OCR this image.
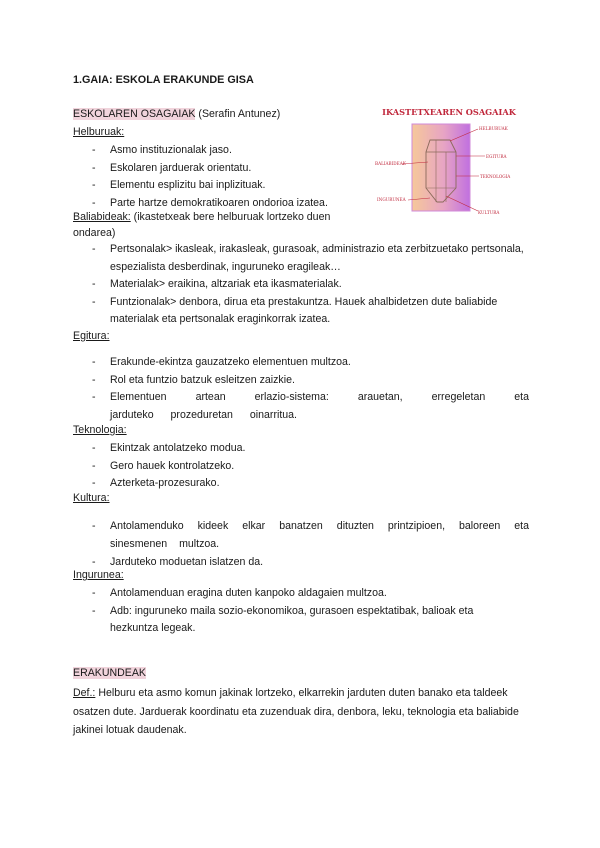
1.GAIA: ESKOLA ERAKUNDE GISA
ESKOLAREN OSAGAIAK (Serafin Antunez)
Helburuak:
- Asmo instituzionalak jaso.
- Eskolaren jarduerak orientatu.
- Elementu esplizitu bai inplizituak.
- Parte hartze demokratikoaren ondorioa izatea.
Baliabideak: (ikastetxeak bere helburuak lortzeko duen ondarea)
- Pertsonalak> ikasleak, irakasleak, gurasoak, administrazio eta zerbitzuetako pertsonala, espezialista desberdinak, inguruneko eragileak…
- Materialak> eraikina, altzariak eta ikasmaterialak.
- Funtzionalak> denbora, dirua eta prestakuntza. Hauek ahalbidetzen dute baliabide materialak eta pertsonalak eraginkorrak izatea.
Egitura:
- Erakunde-ekintza gauzatzeko elementuen multzoa.
- Rol eta funtzio batzuk esleitzen zaizkie.
- Elementuen artean erlazio-sistema: arauetan, erregeletan eta jarduteko prozeduretan oinarritua.
Teknologia:
- Ekintzak antolatzeko modua.
- Gero hauek kontrolatzeko.
- Azterketa-prozesurako.
Kultura:
- Antolamenduko kideek elkar banatzen dituzten printzipioen, baloreen eta sinesmenen multzoa.
- Jarduteko moduetan islatzen da.
Ingurunea:
- Antolamenduan eragina duten kanpoko aldagaien multzoa.
- Adb: inguruneko maila sozio-ekonomikoa, gurasoen espektatibak, balioak eta hezkuntza legeak.
ERAKUNDEAK
Def.: Helburu eta asmo komun jakinak lortzeko, elkarrekin jarduten duten banako eta taldeek osatzen dute. Jarduerak koordinatu eta zuzenduak dira, denbora, leku, teknologia eta baliabide jakinei lotuak daudenak.
IKASTETXEAREN OSAGAIAK
HELBURUAK
EGITURA
TEKNOLOGIA
KULTURA
BALIABIDEAK
INGURUNEA
